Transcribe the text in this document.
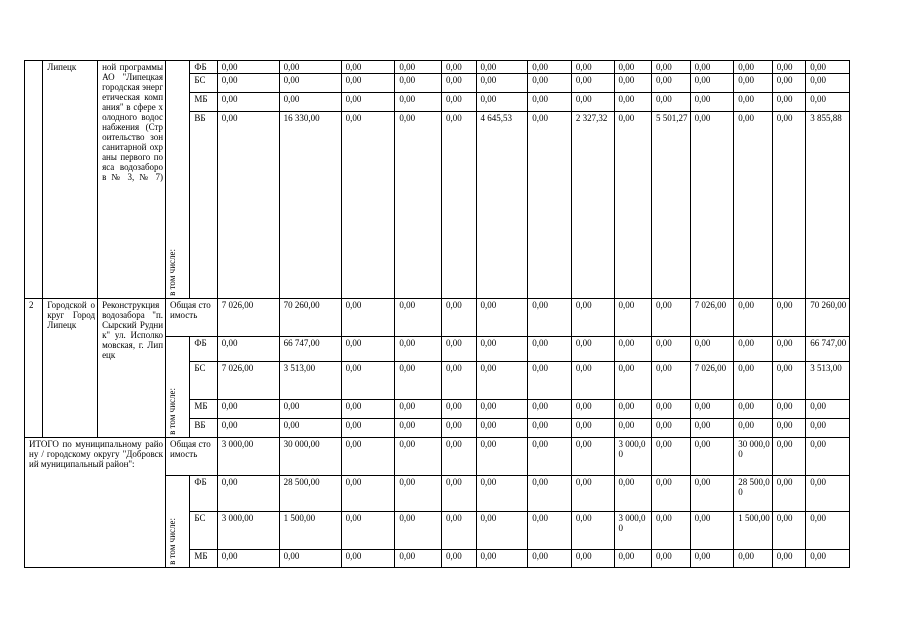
	Липецк	ной программы АО "Липецкая городская энергетическая компания" в сфере холодного водоснабжения (Строительство зон санитарной охраны первого пояса водозаборо в № 3, № 7)	в том числе:	ФБ	0,00	0,00	0,00	0,00	0,00	0,00	0,00	0,00	0,00	0,00	0,00	0,00	0,00	0,00
				БС	0,00	0,00	0,00	0,00	0,00	0,00	0,00	0,00	0,00	0,00	0,00	0,00	0,00	0,00
				МБ	0,00	0,00	0,00	0,00	0,00	0,00	0,00	0,00	0,00	0,00	0,00	0,00	0,00	0,00
				ВБ	0,00	16 330,00	0,00	0,00	0,00	4 645,53	0,00	2 327,32	0,00	5 501,27	0,00	0,00	0,00	3 855,88
2	Городской округ Город Липецк	Реконструкция водозабора "п. Сырский Рудник" ул. Исполкомовская, г. Липецк	Общая стоимость		7 026,00	70 260,00	0,00	0,00	0,00	0,00	0,00	0,00	0,00	0,00	7 026,00	0,00	0,00	70 260,00

			в том числе:	ФБ	0,00	66 747,00	0,00	0,00	0,00	0,00	0,00	0,00	0,00	0,00	0,00	0,00	0,00	66 747,00
				БС	7 026,00	3 513,00	0,00	0,00	0,00	0,00	0,00	0,00	0,00	0,00	7 026,00	0,00	0,00	3 513,00
				МБ	0,00	0,00	0,00	0,00	0,00	0,00	0,00	0,00	0,00	0,00	0,00	0,00	0,00	0,00
				ВБ	0,00	0,00	0,00	0,00	0,00	0,00	0,00	0,00	0,00	0,00	0,00	0,00	0,00	0,00
ИТОГО по муниципальному району / городскому округу "Добровский муниципальный район":			Общая стоимость		3 000,00	30 000,00	0,00	0,00	0,00	0,00	0,00	0,00	3 000,00	0,00	0,00	30 000,00	0,00	0,00

			в том числе:	ФБ	0,00	28 500,00	0,00	0,00	0,00	0,00	0,00	0,00	0,00	0,00	0,00	28 500,00	0,00	0,00
				БС	3 000,00	1 500,00	0,00	0,00	0,00	0,00	0,00	0,00	3 000,00	0,00	0,00	1 500,00	0,00	0,00
				МБ	0,00	0,00	0,00	0,00	0,00	0,00	0,00	0,00	0,00	0,00	0,00	0,00	0,00	0,00
